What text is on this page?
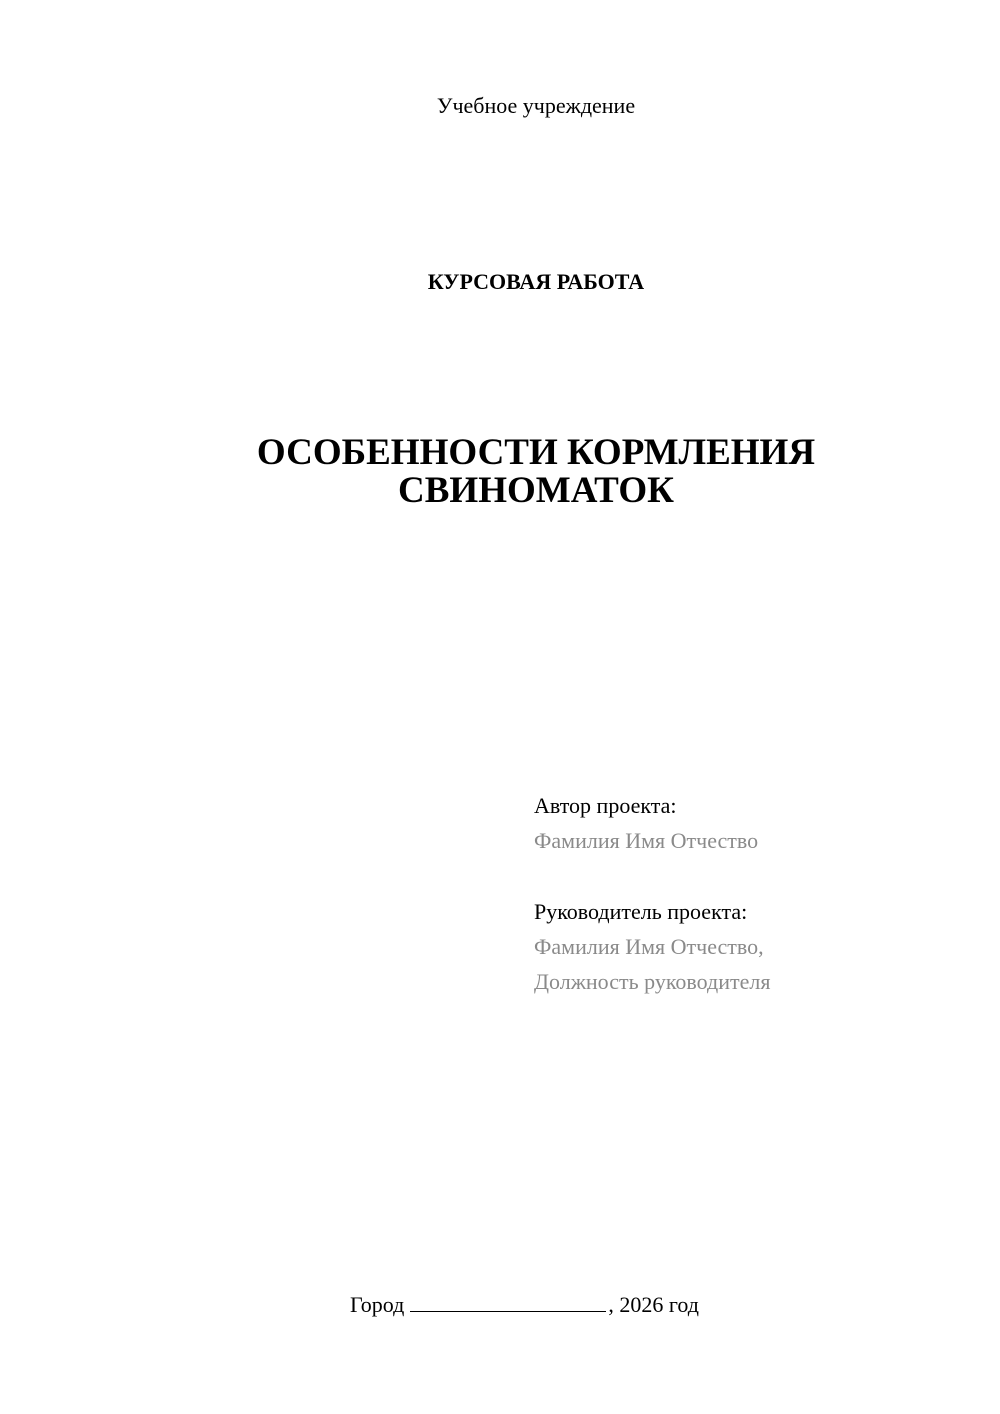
Учебное учреждение
КУРСОВАЯ РАБОТА
ОСОБЕННОСТИ КОРМЛЕНИЯ
СВИНОМАТОК
Автор проекта:
Фамилия Имя Отчество
Руководитель проекта:
Фамилия Имя Отчество,
Должность руководителя
Город	, 2026 год
